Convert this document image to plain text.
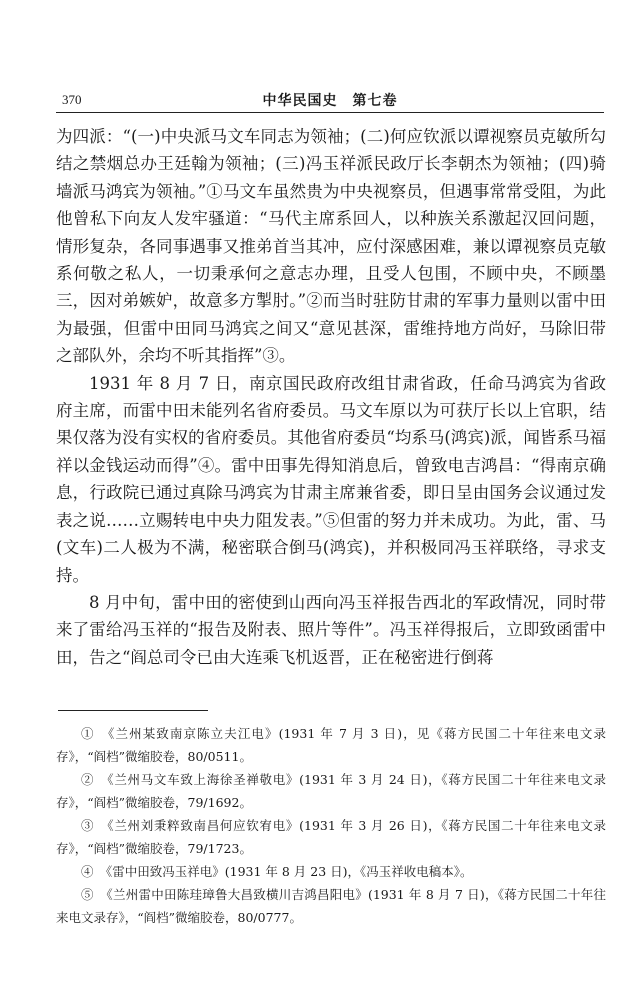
370	中华民国史　第七卷

为四派：“(一)中央派马文车同志为领袖；(二)何应钦派以谭视察员克敏所勾结之禁烟总办王廷翰为领袖；(三)冯玉祥派民政厅长李朝杰为领袖；(四)骑墙派马鸿宾为领袖。”①马文车虽然贵为中央视察员，但遇事常常受阻，为此他曾私下向友人发牢骚道：“马代主席系回人，以种族关系激起汉回问题，情形复杂，各同事遇事又推弟首当其冲，应付深感困难，兼以谭视察员克敏系何敬之私人，一切秉承何之意志办理，且受人包围，不顾中央，不顾墨三，因对弟嫉妒，故意多方掣肘。”②而当时驻防甘肃的军事力量则以雷中田为最强，但雷中田同马鸿宾之间又“意见甚深，雷维持地方尚好，马除旧带之部队外，余均不听其指挥”③。

1931 年 8 月 7 日，南京国民政府改组甘肃省政，任命马鸿宾为省政府主席，而雷中田未能列名省府委员。马文车原以为可获厅长以上官职，结果仅落为没有实权的省府委员。其他省府委员“均系马(鸿宾)派，闻皆系马福祥以金钱运动而得”④。雷中田事先得知消息后，曾致电吉鸿昌：“得南京确息，行政院已通过真除马鸿宾为甘肃主席兼省委，即日呈由国务会议通过发表之说……立赐转电中央力阻发表。”⑤但雷的努力并未成功。为此，雷、马(文车)二人极为不满，秘密联合倒马(鸿宾)，并积极同冯玉祥联络，寻求支持。

8 月中旬，雷中田的密使到山西向冯玉祥报告西北的军政情况，同时带来了雷给冯玉祥的“报告及附表、照片等件”。冯玉祥得报后，立即致函雷中田，告之“阎总司令已由大连乘飞机返晋，正在秘密进行倒蒋

①　《兰州某致南京陈立夫江电》(1931 年 7 月 3 日)，见《蒋方民国二十年往来电文录存》，“阎档”微缩胶卷，80/0511。

②　《兰州马文车致上海徐圣禅敬电》(1931 年 3 月 24 日)，《蒋方民国二十年往来电文录存》，“阎档”微缩胶卷，79/1692。

③　《兰州刘秉粹致南昌何应钦宥电》(1931 年 3 月 26 日)，《蒋方民国二十年往来电文录存》，“阎档”微缩胶卷，79/1723。

④　《雷中田致冯玉祥电》(1931 年 8 月 23 日)，《冯玉祥收电稿本》。

⑤　《兰州雷中田陈珪璋鲁大昌致横川吉鸿昌阳电》(1931 年 8 月 7 日)，《蒋方民国二十年往来电文录存》，“阎档”微缩胶卷，80/0777。
